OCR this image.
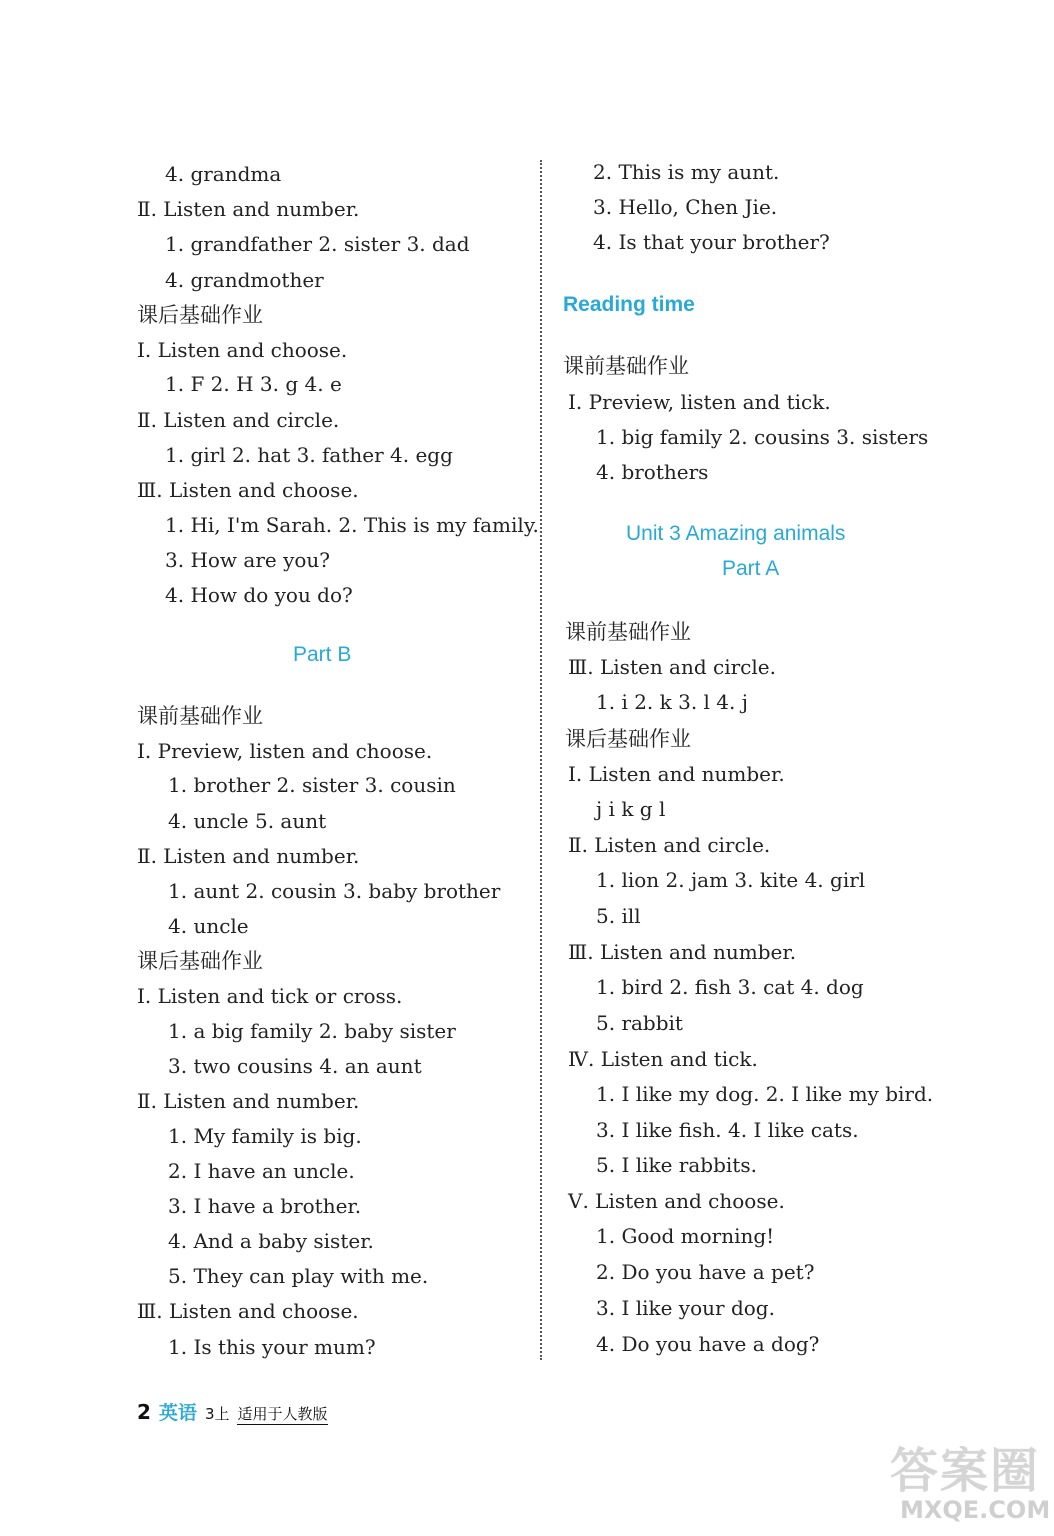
4. grandma
Ⅱ. Listen and number.
1. grandfather 2. sister 3. dad
4. grandmother
课后基础作业
Ⅰ. Listen and choose.
1. F 2. H 3. g 4. e
Ⅱ. Listen and circle.
1. girl 2. hat 3. father 4. egg
Ⅲ. Listen and choose.
1. Hi, I'm Sarah. 2. This is my family.
3. How are you?
4. How do you do?
Part B
课前基础作业
Ⅰ. Preview, listen and choose.
1. brother 2. sister 3. cousin
4. uncle 5. aunt
Ⅱ. Listen and number.
1. aunt 2. cousin 3. baby brother
4. uncle
课后基础作业
Ⅰ. Listen and tick or cross.
1. a big family 2. baby sister
3. two cousins 4. an aunt
Ⅱ. Listen and number.
1. My family is big.
2. I have an uncle.
3. I have a brother.
4. And a baby sister.
5. They can play with me.
Ⅲ. Listen and choose.
1. Is this your mum?
2. This is my aunt.
3. Hello, Chen Jie.
4. Is that your brother?
Reading time
课前基础作业
Ⅰ. Preview, listen and tick.
1. big family 2. cousins 3. sisters
4. brothers
Unit 3 Amazing animals
Part A
课前基础作业
Ⅲ. Listen and circle.
1. i 2. k 3. l 4. j
课后基础作业
Ⅰ. Listen and number.
j i k g l
Ⅱ. Listen and circle.
1. lion 2. jam 3. kite 4. girl
5. ill
Ⅲ. Listen and number.
1. bird 2. fish 3. cat 4. dog
5. rabbit
Ⅳ. Listen and tick.
1. I like my dog. 2. I like my bird.
3. I like fish. 4. I like cats.
5. I like rabbits.
Ⅴ. Listen and choose.
1. Good morning!
2. Do you have a pet?
3. I like your dog.
4. Do you have a dog?
2 英语 3上 适用于人教版
答案圈
MXQE.COM
